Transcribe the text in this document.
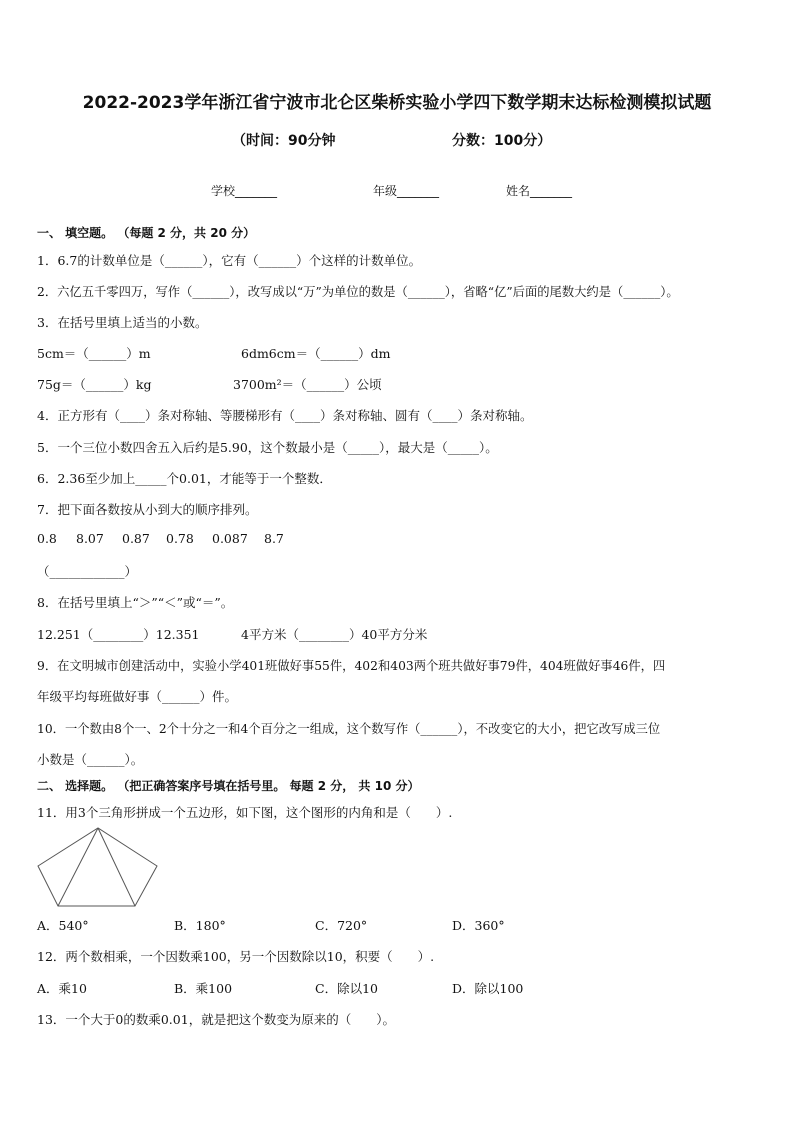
2022-2023学年浙江省宁波市北仑区柴桥实验小学四下数学期末达标检测模拟试题
（时间：90分钟	分数：100分）
学校_______	年级_______	姓名_______
一、 填空题。 （每题 2 分，共 20 分）
1．6.7的计数单位是（______），它有（______）个这样的计数单位。
2．六亿五千零四万，写作（______），改写成以“万”为单位的数是（______），省略“亿”后面的尾数大约是（______）。
3．在括号里填上适当的小数。
5cm＝（______）m	6dm6cm＝（______）dm
75g＝（______）kg	3700m²＝（______）公顷
4．正方形有（____）条对称轴、等腰梯形有（____）条对称轴、圆有（____）条对称轴。
5．一个三位小数四舍五入后约是5.90，这个数最小是（_____），最大是（_____）。
6．2.36至少加上_____个0.01，才能等于一个整数．
7．把下面各数按从小到大的顺序排列。
0.8 8.07 0.87 0.78 0.087 8.7
（____________）
8．在括号里填上“＞”“＜”或“＝”。
12.251（________）12.351	4平方米（________）40平方分米
9．在文明城市创建活动中，实验小学401班做好事55件，402和403两个班共做好事79件，404班做好事46件，四
年级平均每班做好事（______）件。
10．一个数由8个一、2个十分之一和4个百分之一组成，这个数写作（______），不改变它的大小，把它改写成三位
小数是（______）。
二、 选择题。 （把正确答案序号填在括号里。 每题 2 分， 共 10 分）
11．用3个三角形拼成一个五边形，如下图，这个图形的内角和是（　　）.
A．540°	B．180°	C．720°	D．360°
12．两个数相乘，一个因数乘100，另一个因数除以10，积要（　　）.
A．乘10	B．乘100	C．除以10	D．除以100
13．一个大于0的数乘0.01，就是把这个数变为原来的（　　）。
